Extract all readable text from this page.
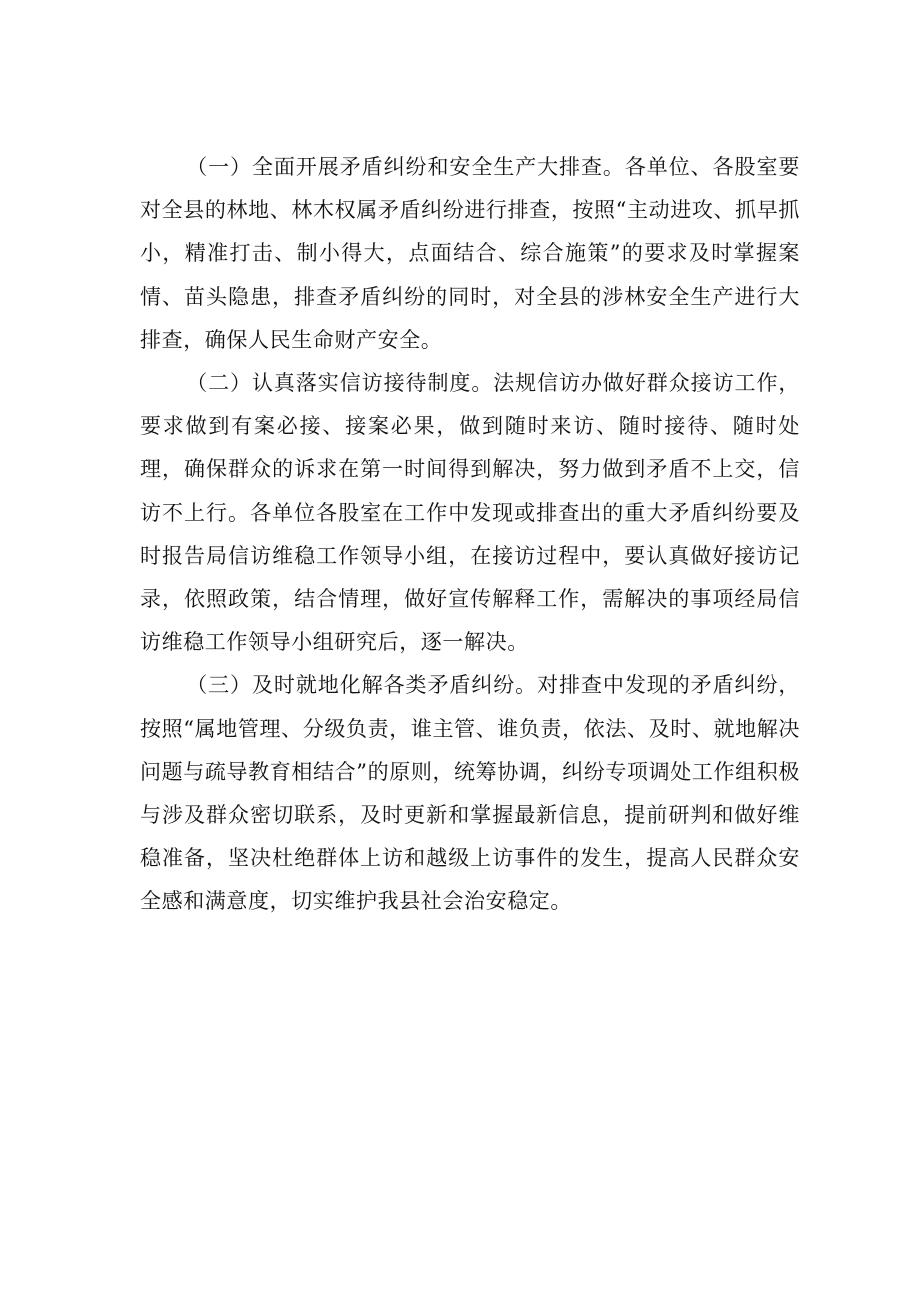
（一）全面开展矛盾纠纷和安全生产大排查。各单位、各股室要对全县的林地、林木权属矛盾纠纷进行排查，按照“主动进攻、抓早抓小，精准打击、制小得大，点面结合、综合施策”的要求及时掌握案情、苗头隐患，排查矛盾纠纷的同时，对全县的涉林安全生产进行大排查，确保人民生命财产安全。

（二）认真落实信访接待制度。法规信访办做好群众接访工作，要求做到有案必接、接案必果，做到随时来访、随时接待、随时处理，确保群众的诉求在第一时间得到解决，努力做到矛盾不上交，信访不上行。各单位各股室在工作中发现或排查出的重大矛盾纠纷要及时报告局信访维稳工作领导小组，在接访过程中，要认真做好接访记录，依照政策，结合情理，做好宣传解释工作，需解决的事项经局信访维稳工作领导小组研究后，逐一解决。

（三）及时就地化解各类矛盾纠纷。对排查中发现的矛盾纠纷，按照“属地管理、分级负责，谁主管、谁负责，依法、及时、就地解决问题与疏导教育相结合”的原则，统筹协调，纠纷专项调处工作组积极与涉及群众密切联系，及时更新和掌握最新信息，提前研判和做好维稳准备，坚决杜绝群体上访和越级上访事件的发生，提高人民群众安全感和满意度，切实维护我县社会治安稳定。
